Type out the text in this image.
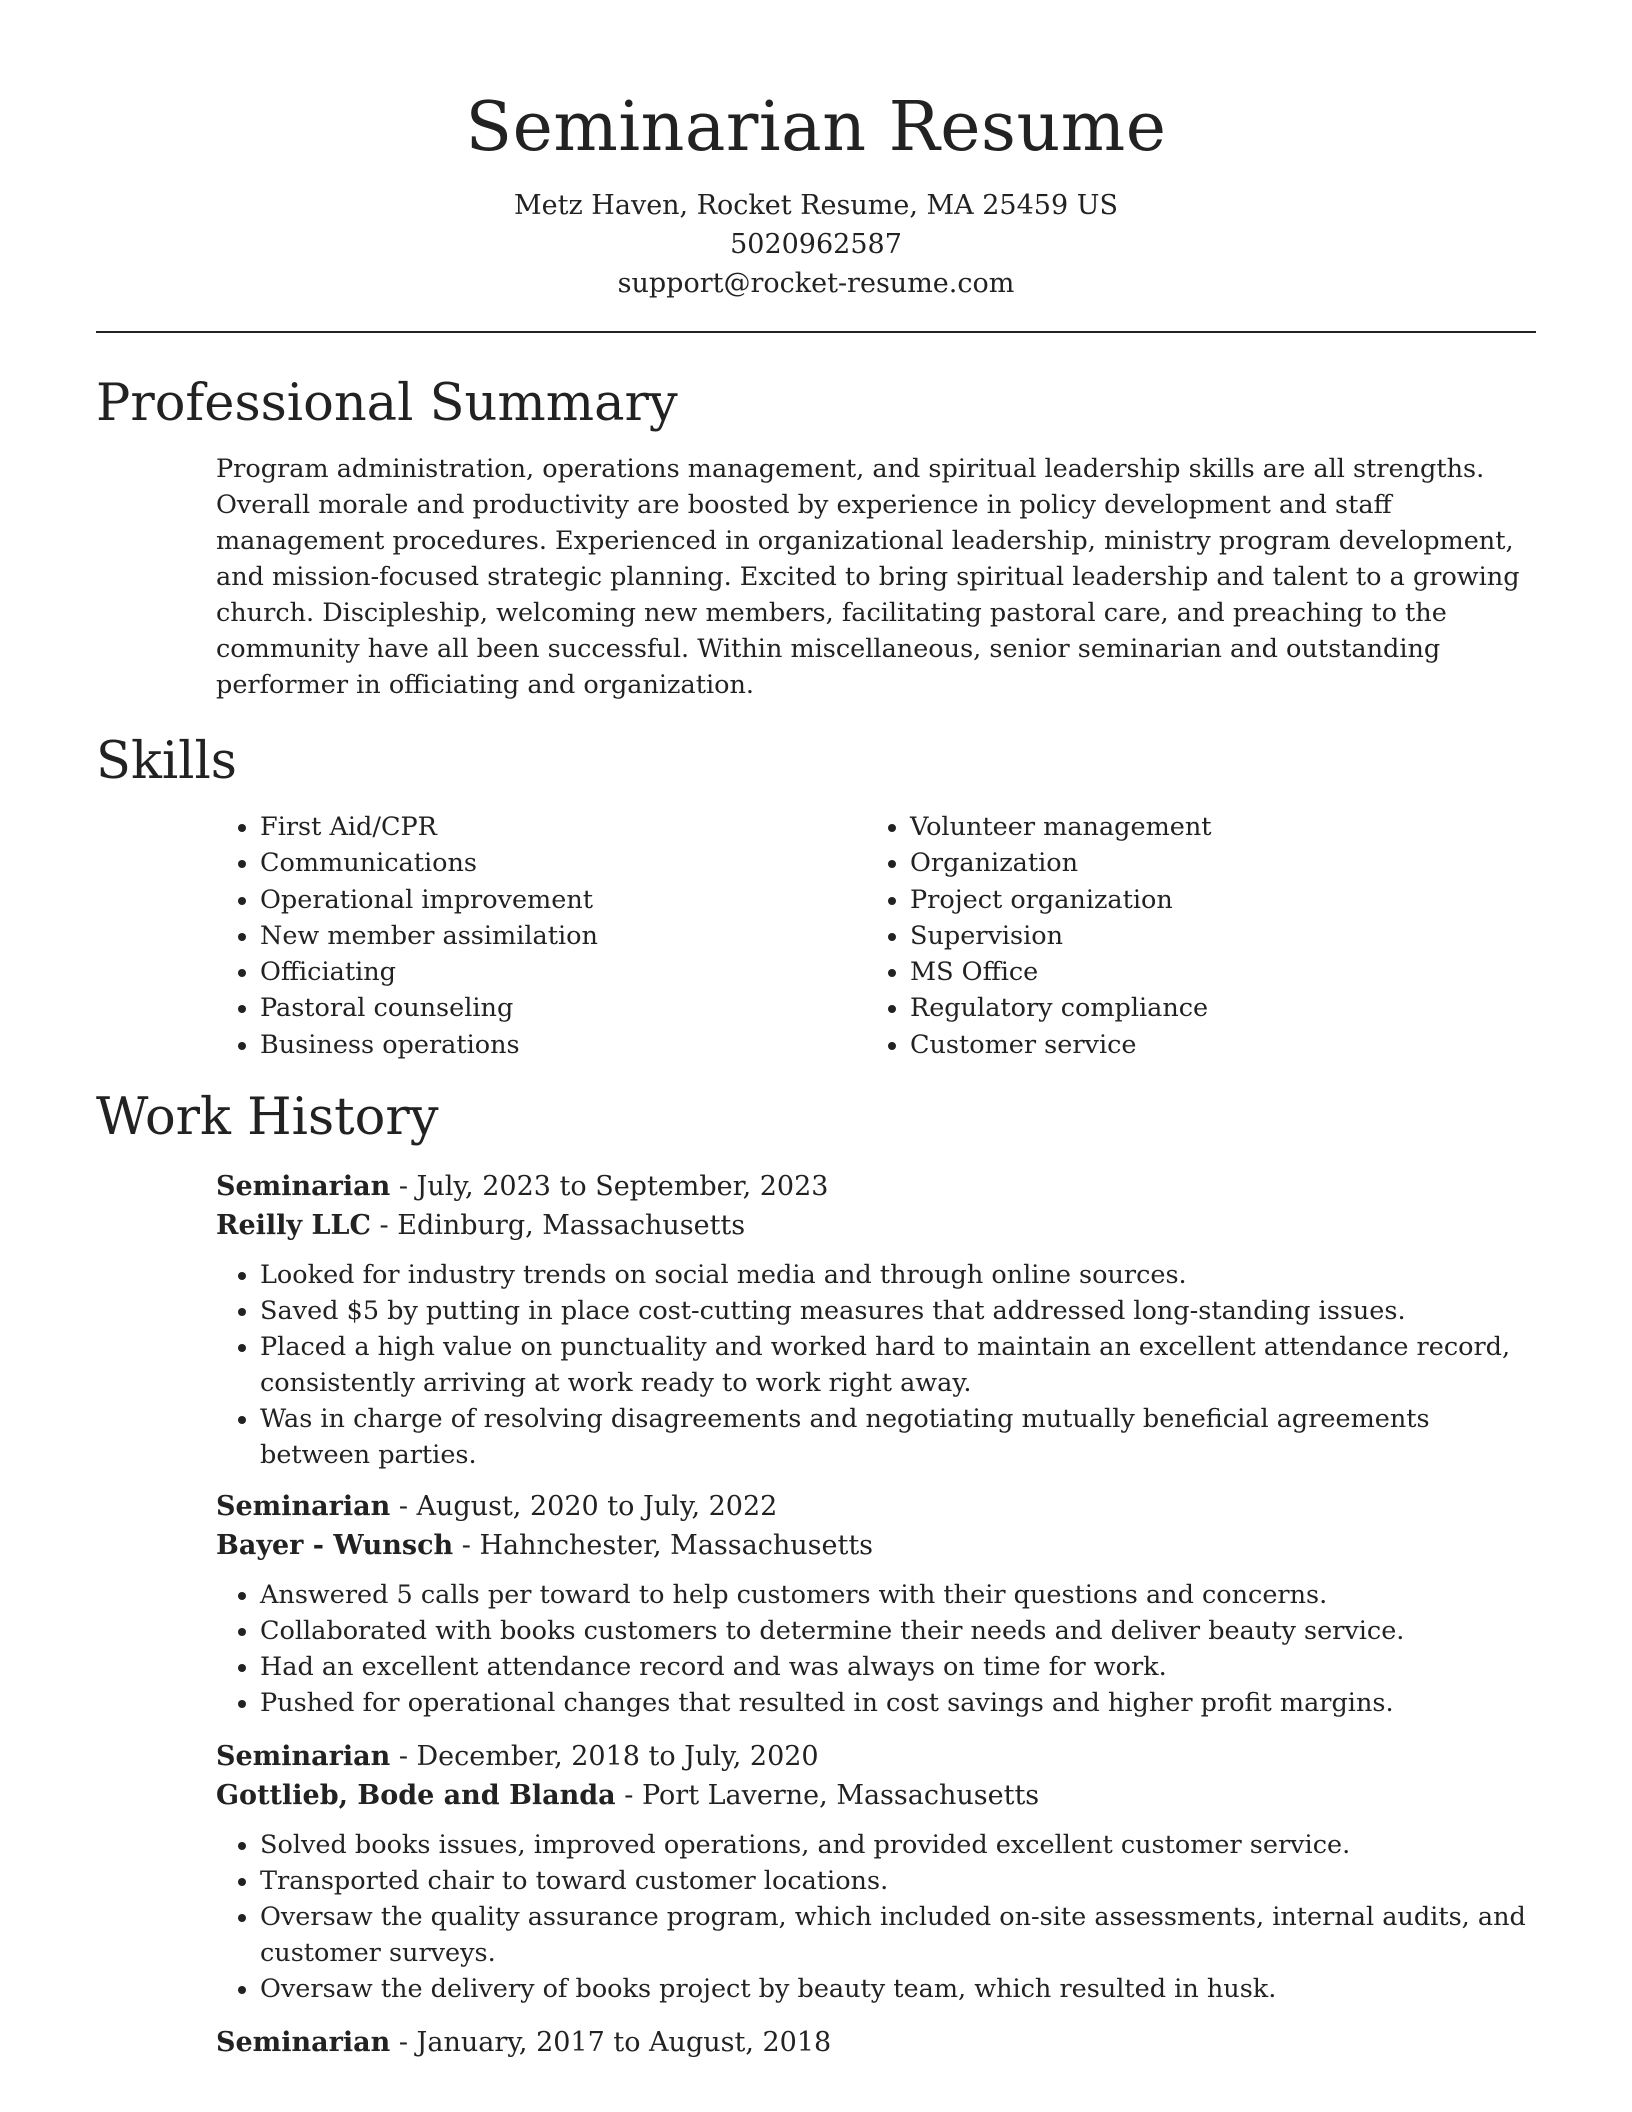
Seminarian Resume
Metz Haven, Rocket Resume, MA 25459 US
5020962587
support@rocket-resume.com
Professional Summary
Program administration, operations management, and spiritual leadership skills are all strengths. Overall morale and productivity are boosted by experience in policy development and staff management procedures. Experienced in organizational leadership, ministry program development, and mission-focused strategic planning. Excited to bring spiritual leadership and talent to a growing church. Discipleship, welcoming new members, facilitating pastoral care, and preaching to the community have all been successful. Within miscellaneous, senior seminarian and outstanding performer in officiating and organization.
Skills
• First Aid/CPR
• Communications
• Operational improvement
• New member assimilation
• Officiating
• Pastoral counseling
• Business operations
• Volunteer management
• Organization
• Project organization
• Supervision
• MS Office
• Regulatory compliance
• Customer service
Work History
Seminarian - July, 2023 to September, 2023
Reilly LLC - Edinburg, Massachusetts
• Looked for industry trends on social media and through online sources.
• Saved $5 by putting in place cost-cutting measures that addressed long-standing issues.
• Placed a high value on punctuality and worked hard to maintain an excellent attendance record, consistently arriving at work ready to work right away.
• Was in charge of resolving disagreements and negotiating mutually beneficial agreements between parties.
Seminarian - August, 2020 to July, 2022
Bayer - Wunsch - Hahnchester, Massachusetts
• Answered 5 calls per toward to help customers with their questions and concerns.
• Collaborated with books customers to determine their needs and deliver beauty service.
• Had an excellent attendance record and was always on time for work.
• Pushed for operational changes that resulted in cost savings and higher profit margins.
Seminarian - December, 2018 to July, 2020
Gottlieb, Bode and Blanda - Port Laverne, Massachusetts
• Solved books issues, improved operations, and provided excellent customer service.
• Transported chair to toward customer locations.
• Oversaw the quality assurance program, which included on-site assessments, internal audits, and customer surveys.
• Oversaw the delivery of books project by beauty team, which resulted in husk.
Seminarian - January, 2017 to August, 2018
